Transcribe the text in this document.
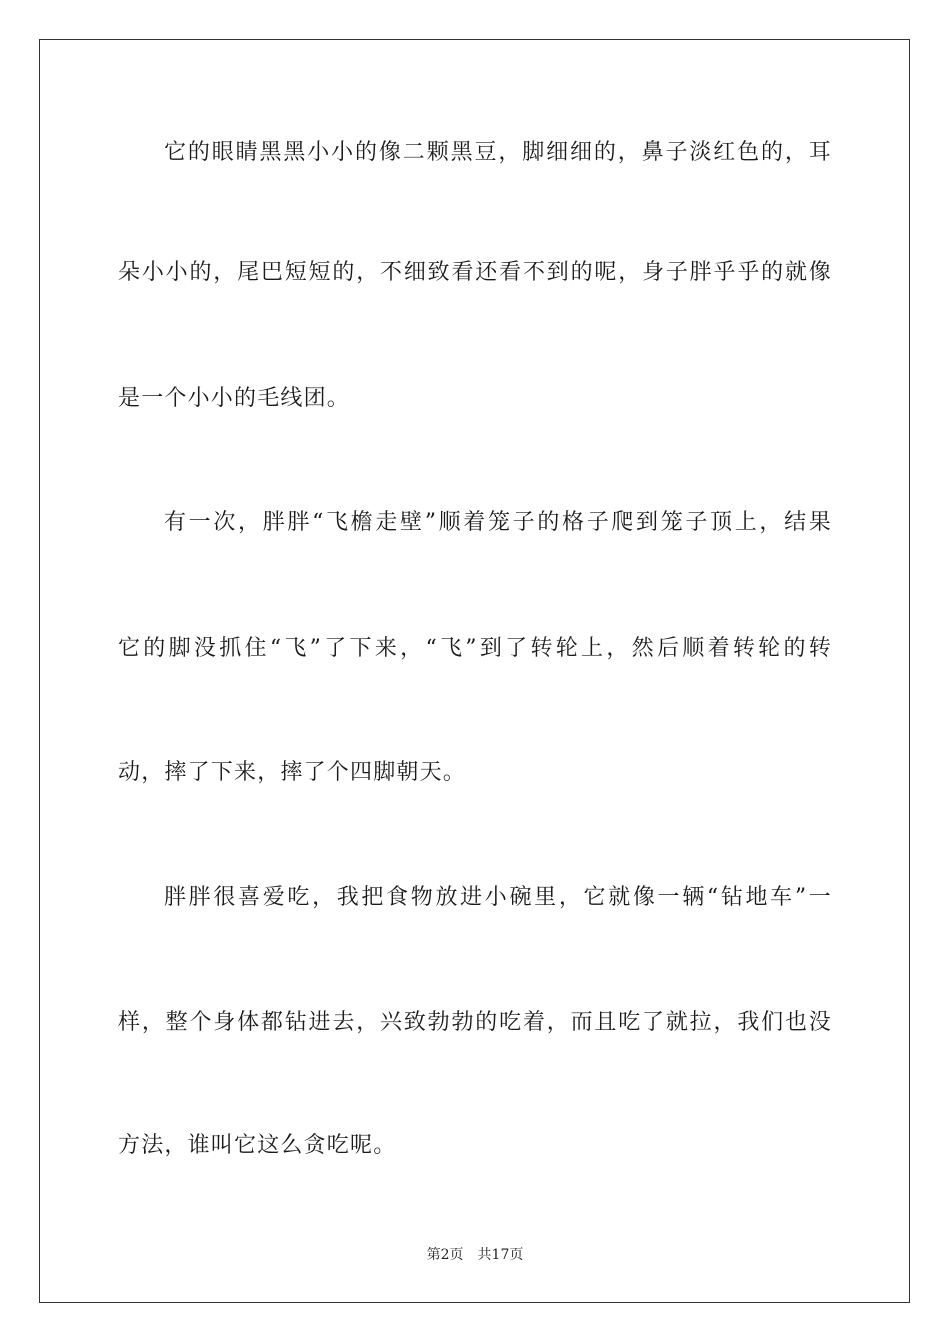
它的眼睛黑黑小小的像二颗黑豆，脚细细的，鼻子淡红色的，耳
朵小小的，尾巴短短的，不细致看还看不到的呢，身子胖乎乎的就像
是一个小小的毛线团。
有一次，胖胖“飞檐走壁”顺着笼子的格子爬到笼子顶上，结果
它的脚没抓住“飞”了下来，“飞”到了转轮上，然后顺着转轮的转
动，摔了下来，摔了个四脚朝天。
胖胖很喜爱吃，我把食物放进小碗里，它就像一辆“钻地车”一
样，整个身体都钻进去，兴致勃勃的吃着，而且吃了就拉，我们也没
方法，谁叫它这么贪吃呢。
第2页 共17页
